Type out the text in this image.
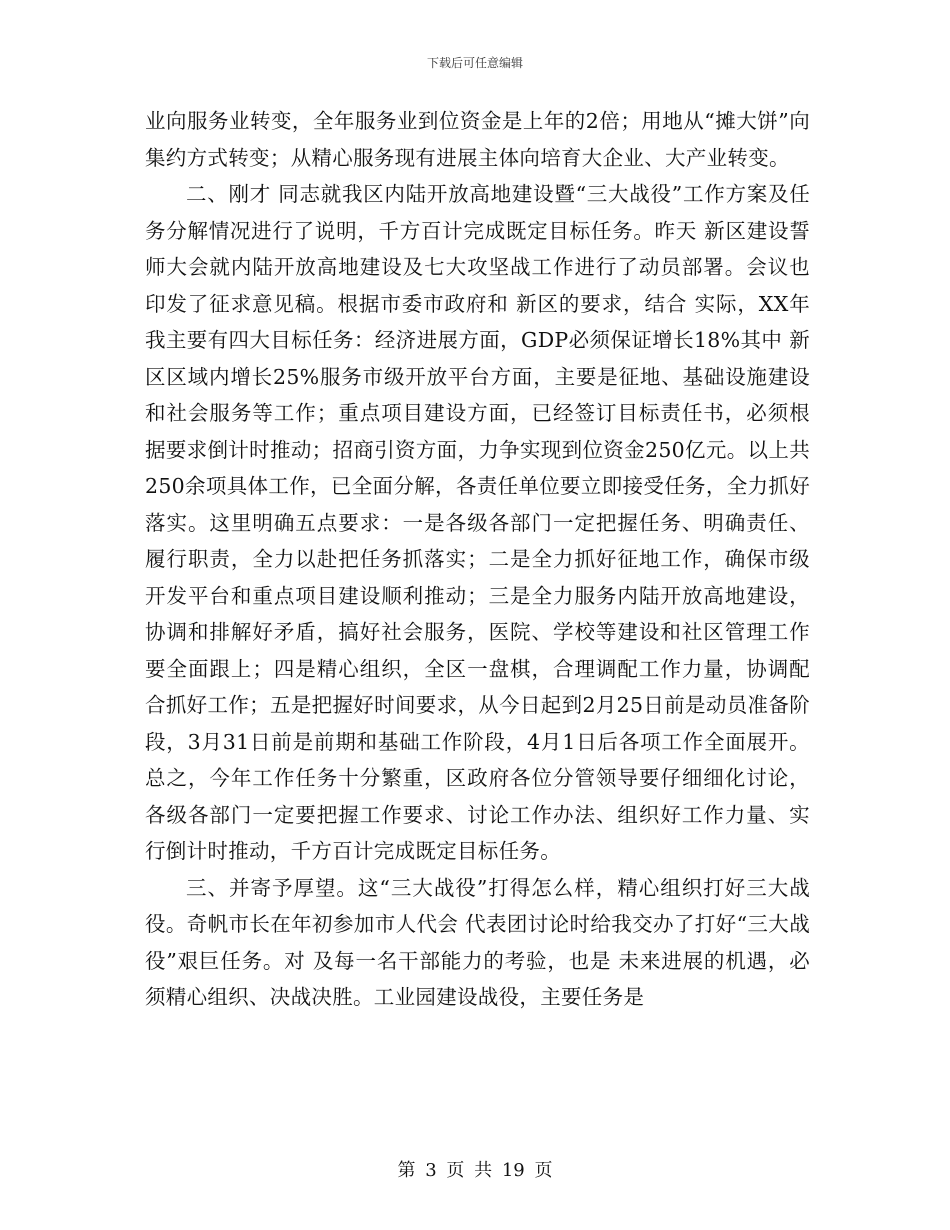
下载后可任意编辑

业向服务业转变，全年服务业到位资金是上年的2倍；用地从“摊大饼”向集约方式转变；从精心服务现有进展主体向培育大企业、大产业转变。

二、刚才 同志就我区内陆开放高地建设暨“三大战役”工作方案及任务分解情况进行了说明，千方百计完成既定目标任务。昨天 新区建设誓师大会就内陆开放高地建设及七大攻坚战工作进行了动员部署。会议也印发了征求意见稿。根据市委市政府和 新区的要求，结合 实际，XX年我主要有四大目标任务：经济进展方面，GDP必须保证增长18%其中 新区区域内增长25%服务市级开放平台方面，主要是征地、基础设施建设和社会服务等工作；重点项目建设方面，已经签订目标责任书，必须根据要求倒计时推动；招商引资方面，力争实现到位资金250亿元。以上共250余项具体工作，已全面分解，各责任单位要立即接受任务，全力抓好落实。这里明确五点要求：一是各级各部门一定把握任务、明确责任、履行职责，全力以赴把任务抓落实；二是全力抓好征地工作，确保市级开发平台和重点项目建设顺利推动；三是全力服务内陆开放高地建设，协调和排解好矛盾，搞好社会服务，医院、学校等建设和社区管理工作要全面跟上；四是精心组织，全区一盘棋，合理调配工作力量，协调配合抓好工作；五是把握好时间要求，从今日起到2月25日前是动员准备阶段，3月31日前是前期和基础工作阶段，4月1日后各项工作全面展开。总之，今年工作任务十分繁重，区政府各位分管领导要仔细细化讨论，各级各部门一定要把握工作要求、讨论工作办法、组织好工作力量、实行倒计时推动，千方百计完成既定目标任务。

三、并寄予厚望。这“三大战役”打得怎么样，精心组织打好三大战役。奇帆市长在年初参加市人代会 代表团讨论时给我交办了打好“三大战役”艰巨任务。对 及每一名干部能力的考验，也是 未来进展的机遇，必须精心组织、决战决胜。工业园建设战役，主要任务是

第 3 页 共 19 页
